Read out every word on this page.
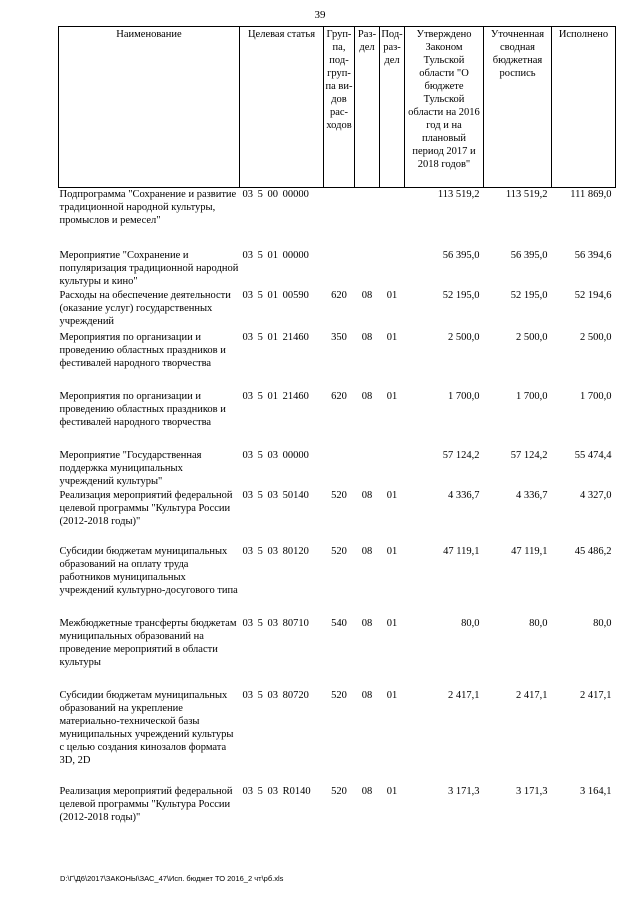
39
Наименование	Целевая статья	Груп-па, под-груп-па ви-дов рас-ходов	Раз-дел	Под-раз-дел	Утверждено Законом Тульской области "О бюджете Тульской области на 2016 год и на плановый период 2017 и 2018 годов"	Уточненная сводная бюджетная роспись	Исполнено
Подпрограмма "Сохранение и развитие традиционной народной культуры, промыслов и ремесел"	03 5 00 00000				113 519,2	113 519,2	111 869,0
Мероприятие "Сохранение и популяризация традиционной народной культуры и кино"	03 5 01 00000				56 395,0	56 395,0	56 394,6
Расходы на обеспечение деятельности (оказание услуг) государственных учреждений	03 5 01 00590	620	08	01	52 195,0	52 195,0	52 194,6
Мероприятия по организации и проведению областных праздников и фестивалей народного творчества	03 5 01 21460	350	08	01	2 500,0	2 500,0	2 500,0
Мероприятия по организации и проведению областных праздников и фестивалей народного творчества	03 5 01 21460	620	08	01	1 700,0	1 700,0	1 700,0
Мероприятие "Государственная поддержка муниципальных учреждений культуры"	03 5 03 00000				57 124,2	57 124,2	55 474,4
Реализация мероприятий федеральной целевой программы "Культура России (2012-2018 годы)"	03 5 03 50140	520	08	01	4 336,7	4 336,7	4 327,0
Субсидии бюджетам муниципальных образований на оплату труда работников муниципальных учреждений культурно-досугового типа	03 5 03 80120	520	08	01	47 119,1	47 119,1	45 486,2
Межбюджетные трансферты бюджетам муниципальных образований на проведение мероприятий в области культуры	03 5 03 80710	540	08	01	80,0	80,0	80,0
Субсидии бюджетам муниципальных образований на укрепление материально-технической базы муниципальных учреждений культуры с целью создания кинозалов формата 3D, 2D	03 5 03 80720	520	08	01	2 417,1	2 417,1	2 417,1
Реализация мероприятий федеральной целевой программы "Культура России (2012-2018 годы)"	03 5 03 R0140	520	08	01	3 171,3	3 171,3	3 164,1
D:\Г\Д6\2017\ЗАКОНЫ\ЗАС_47\Исп. бюджет ТО 2016_2 чт\рб.xls
